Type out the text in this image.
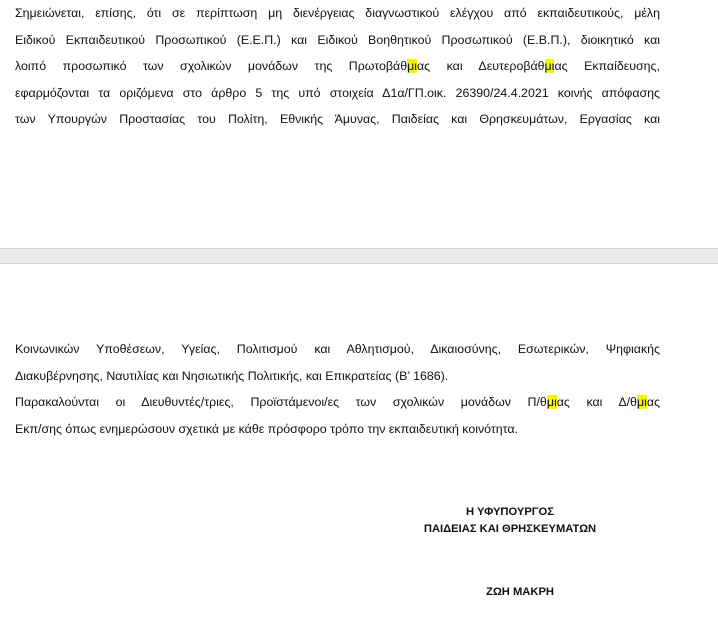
Σημειώνεται, επίσης, ότι σε περίπτωση μη διενέργειας διαγνωστικού ελέγχου από εκπαιδευτικούς, μέλη
Ειδικού Εκπαιδευτικού Προσωπικού (Ε.Ε.Π.) και Ειδικού Βοηθητικού Προσωπικού (Ε.Β.Π.), διοικητικό και
λοιπό προσωπικό των σχολικών μονάδων της Πρωτοβάθμιας και Δευτεροβάθμιας Εκπαίδευσης,
εφαρμόζονται τα οριζόμενα στο άρθρο 5 της υπό στοιχεία Δ1α/ΓΠ.οικ. 26390/24.4.2021 κοινής απόφασης
των Υπουργών Προστασίας του Πολίτη, Εθνικής Άμυνας, Παιδείας και Θρησκευμάτων, Εργασίας και
Κοινωνικών Υποθέσεων, Υγείας, Πολιτισμού και Αθλητισμού, Δικαιοσύνης, Εσωτερικών, Ψηφιακής
Διακυβέρνησης, Ναυτιλίας και Νησιωτικής Πολιτικής, και Επικρατείας (Β’ 1686).
Παρακαλούνται οι Διευθυντές/τριες, Προϊστάμενοι/ες των σχολικών μονάδων Π/θμιας και Δ/θμιας
Εκπ/σης όπως ενημερώσουν σχετικά με κάθε πρόσφορο τρόπο την εκπαιδευτική κοινότητα.
Η ΥΦΥΠΟΥΡΓΟΣ
ΠΑΙΔΕΙΑΣ ΚΑΙ ΘΡΗΣΚΕΥΜΑΤΩΝ
ΖΩΗ ΜΑΚΡΗ
